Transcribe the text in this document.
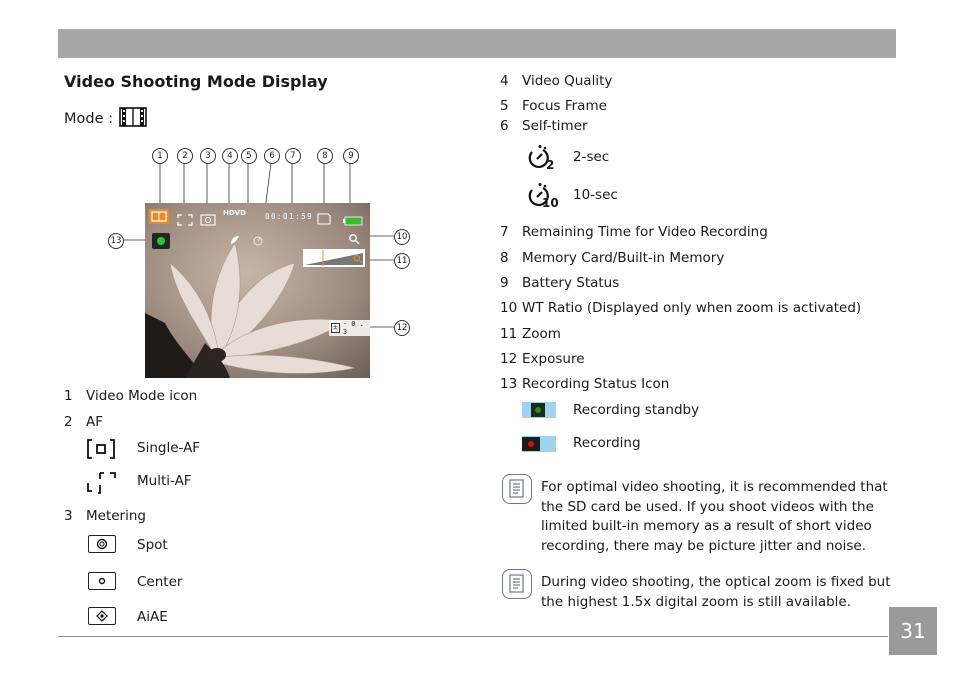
Video Shooting Mode Display
Mode :
1	2	3	4	5	6	7	8	9
10
11
12
13
HDVD	00:01:59
± - 0 . 3
1 Video Mode icon
2 AF
Single-AF
Multi-AF
3 Metering
Spot
Center
AiAE
4 Video Quality
5 Focus Frame
6 Self-timer
2 2-sec
10 10-sec
7 Remaining Time for Video Recording
8 Memory Card/Built-in Memory
9 Battery Status
10 WT Ratio (Displayed only when zoom is activated)
11 Zoom
12 Exposure
13 Recording Status Icon
Recording standby
Recording
For optimal video shooting, it is recommended that the SD card be used. If you shoot videos with the limited built-in memory as a result of short video recording, there may be picture jitter and noise.
During video shooting, the optical zoom is fixed but the highest 1.5x digital zoom is still available.
31
